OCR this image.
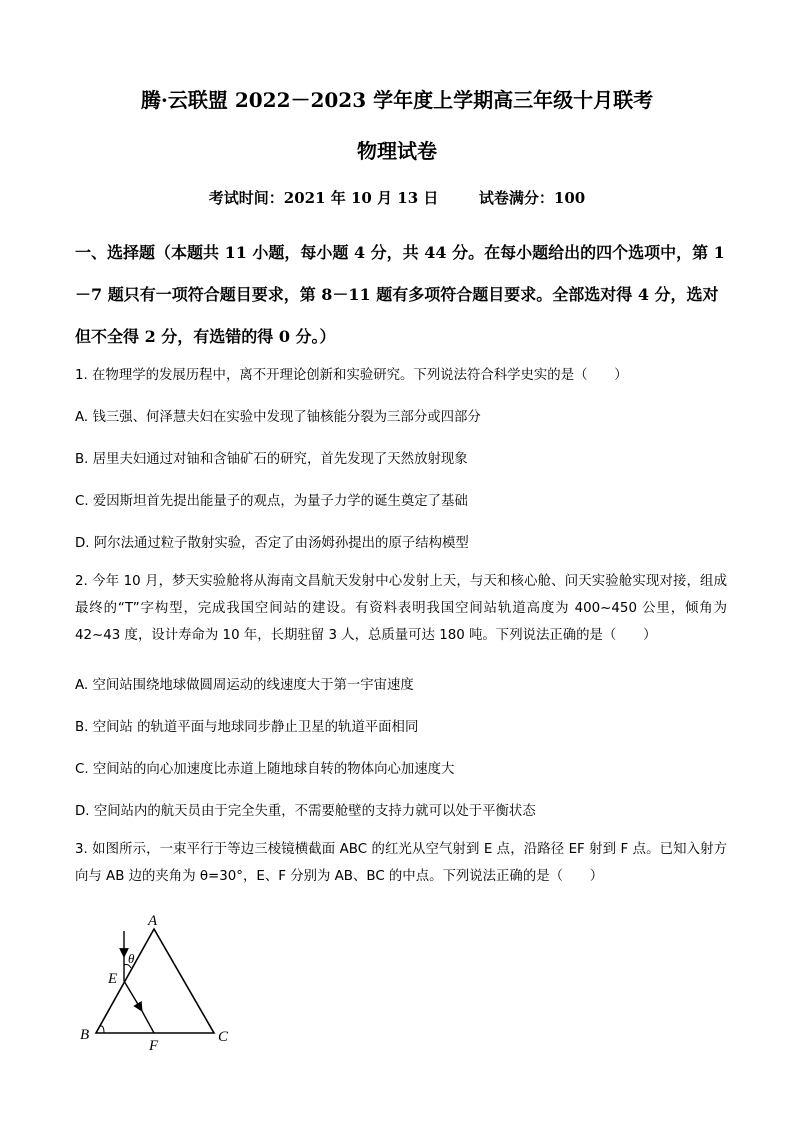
腾·云联盟 2022－2023 学年度上学期高三年级十月联考
物理试卷
考试时间：2021 年 10 月 13 日	试卷满分：100
一、选择题（本题共 11 小题，每小题 4 分，共 44 分。在每小题给出的四个选项中，第 1－7 题只有一项符合题目要求，第 8－11 题有多项符合题目要求。全部选对得 4 分，选对但不全得 2 分，有选错的得 0 分。）
1. 在物理学的发展历程中，离不开理论创新和实验研究。下列说法符合科学史实的是（　　）
A. 钱三强、何泽慧夫妇在实验中发现了铀核能分裂为三部分或四部分
B. 居里夫妇通过对铀和含铀矿石的研究，首先发现了天然放射现象
C. 爱因斯坦首先提出能量子的观点，为量子力学的诞生奠定了基础
D. 阿尔法通过粒子散射实验，否定了由汤姆孙提出的原子结构模型
2. 今年 10 月，梦天实验舱将从海南文昌航天发射中心发射上天，与天和核心舱、问天实验舱实现对接，组成最终的“T”字构型，完成我国空间站的建设。有资料表明我国空间站轨道高度为 400~450 公里，倾角为 42~43 度，设计寿命为 10 年，长期驻留 3 人，总质量可达 180 吨。下列说法正确的是（　　）
A. 空间站围绕地球做圆周运动的线速度大于第一宇宙速度
B. 空间站 的轨道平面与地球同步静止卫星的轨道平面相同
C. 空间站的向心加速度比赤道上随地球自转的物体向心加速度大
D. 空间站内的航天员由于完全失重，不需要舱壁的支持力就可以处于平衡状态
3. 如图所示，一束平行于等边三棱镜横截面 ABC 的红光从空气射到 E 点，沿路径 EF 射到 F 点。已知入射方向与 AB 边的夹角为 θ=30°，E、F 分别为 AB、BC 的中点。下列说法正确的是（　　）
A
B	C
E
F
θ
